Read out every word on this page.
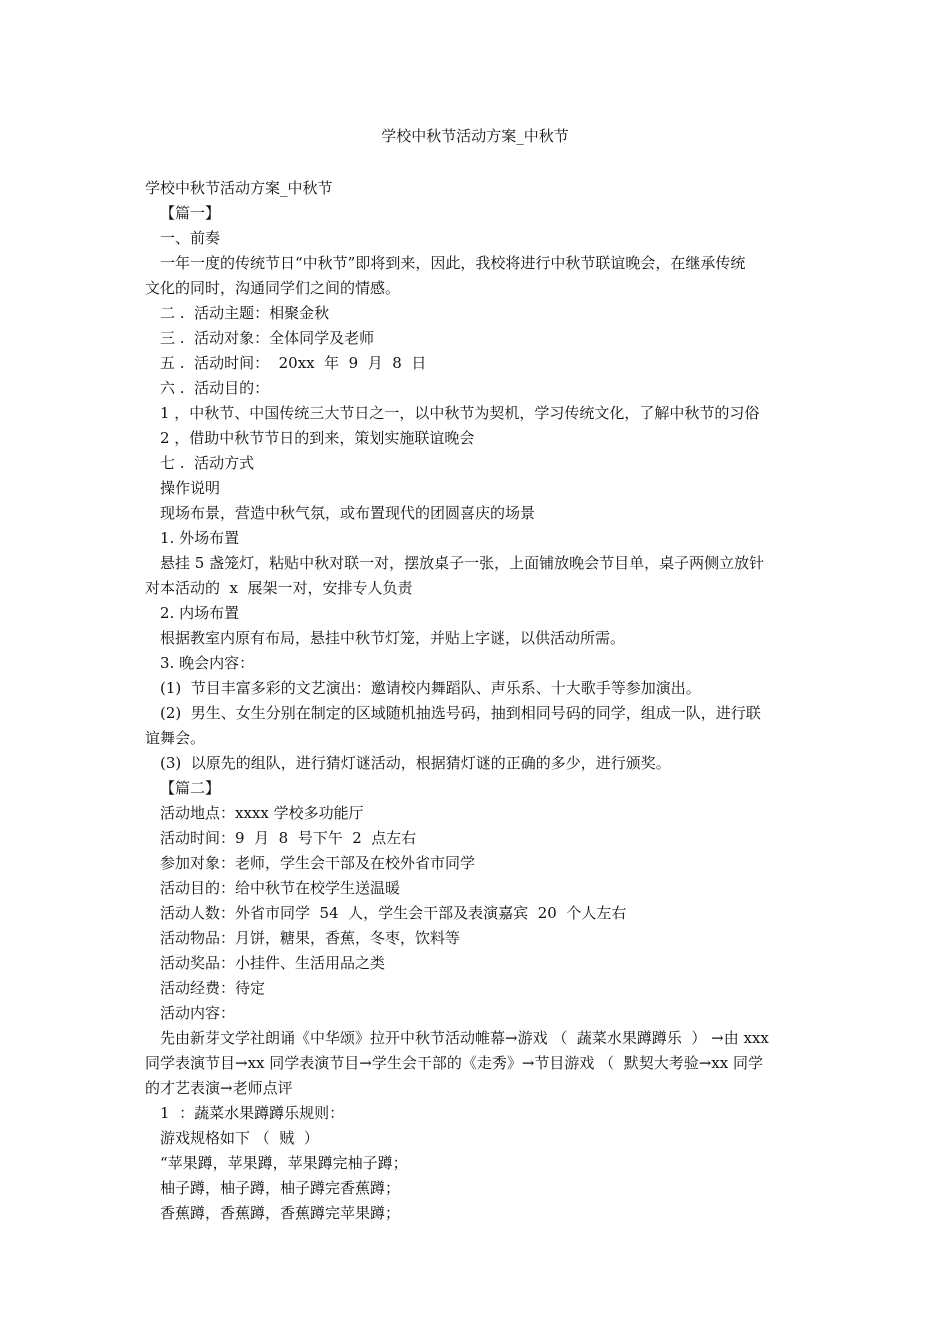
学校中秋节活动方案_中秋节

学校中秋节活动方案_中秋节

【篇一】

一、前奏

一年一度的传统节日“中秋节”即将到来，因此，我校将进行中秋节联谊晚会，在继承传统

文化的同时，沟通同学们之间的情感。

二 .  活动主题：相聚金秋

三 .  活动对象：全体同学及老师

五 .  活动时间：  20xx  年  9  月  8  日

六 .  活动目的：

1 ，中秋节、中国传统三大节日之一，以中秋节为契机，学习传统文化，了解中秋节的习俗

2 ，借助中秋节节日的到来，策划实施联谊晚会

七 .  活动方式

操作说明

现场布景，营造中秋气氛，或布置现代的团圆喜庆的场景

1. 外场布置

悬挂 5 盏笼灯，粘贴中秋对联一对，摆放桌子一张，上面铺放晚会节目单，桌子两侧立放针

对本活动的  x  展架一对，安排专人负责

2. 内场布置

根据教室内原有布局，悬挂中秋节灯笼，并贴上字谜，以供活动所需。

3. 晚会内容：

(1)  节目丰富多彩的文艺演出：邀请校内舞蹈队、声乐系、十大歌手等参加演出。

(2)  男生、女生分别在制定的区域随机抽选号码，抽到相同号码的同学，组成一队，进行联

谊舞会。

(3)  以原先的组队，进行猜灯谜活动，根据猜灯谜的正确的多少，进行颁奖。

【篇二】

活动地点：xxxx 学校多功能厅

活动时间：9  月  8  号下午  2  点左右

参加对象：老师，学生会干部及在校外省市同学

活动目的：给中秋节在校学生送温暖

活动人数：外省市同学  54  人，学生会干部及表演嘉宾  20  个人左右

活动物品：月饼，糖果，香蕉，冬枣，饮料等

活动奖品：小挂件、生活用品之类

活动经费：待定

活动内容：

先由新芽文学社朗诵《中华颂》拉开中秋节活动帷幕→游戏 （  蔬菜水果蹲蹲乐  ） →由 xxx

同学表演节目→xx 同学表演节目→学生会干部的《走秀》→节目游戏 （  默契大考验→xx 同学

的才艺表演→老师点评

1  ：蔬菜水果蹲蹲乐规则：

游戏规格如下 （  贼  ）

“苹果蹲，苹果蹲，苹果蹲完柚子蹲；

柚子蹲，柚子蹲，柚子蹲完香蕉蹲；

香蕉蹲，香蕉蹲，香蕉蹲完苹果蹲；
